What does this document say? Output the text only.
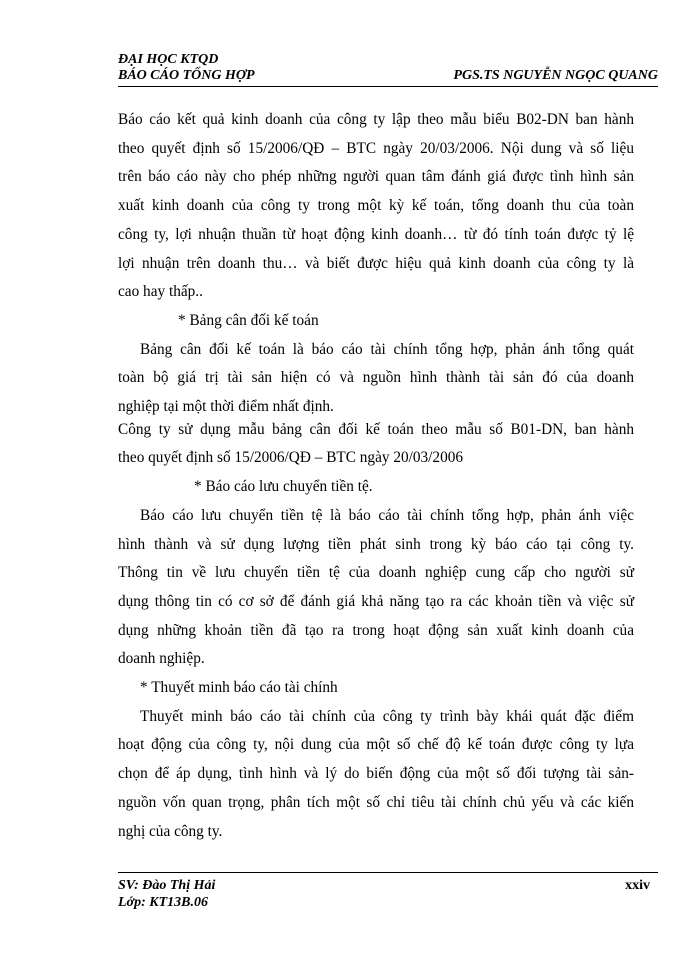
ĐẠI HỌC KTQD
BÁO CÁO TỔNG HỢP	PGS.TS NGUYỄN NGỌC QUANG

Báo cáo kết quả kinh doanh của công ty lập theo mẫu biểu B02-DN ban hành
theo quyết định số 15/2006/QĐ – BTC ngày 20/03/2006. Nội dung và số liệu
trên báo cáo này cho phép những người quan tâm đánh giá được tình hình sản
xuất kinh doanh của công ty trong một kỳ kế toán, tổng doanh thu của toàn
công ty, lợi nhuận thuần từ hoạt động kinh doanh… từ đó tính toán được tỷ lệ
lợi nhuận trên doanh thu… và biết được hiệu quả kinh doanh của công ty là
cao hay thấp..

* Bảng cân đối kế toán

Bảng cân đối kế toán là báo cáo tài chính tổng hợp, phản ánh tổng quát
toàn bộ giá trị tài sản hiện có và nguồn hình thành tài sản đó của doanh
nghiệp tại một thời điểm nhất định.

Công ty sử dụng mẫu bảng cân đối kế toán theo mẫu số B01-DN, ban hành
theo quyết định số 15/2006/QĐ – BTC ngày 20/03/2006

* Báo cáo lưu chuyển tiền tệ.

Báo cáo lưu chuyển tiền tệ là báo cáo tài chính tổng hợp, phản ánh việc
hình thành và sử dụng lượng tiền phát sinh trong kỳ báo cáo tại công ty.
Thông tin về lưu chuyển tiền tệ của doanh nghiệp cung cấp cho người sử
dụng thông tin có cơ sở để đánh giá khả năng tạo ra các khoản tiền và việc sử
dụng những khoản tiền đã tạo ra trong hoạt động sản xuất kinh doanh của
doanh nghiệp.

* Thuyết minh báo cáo tài chính

Thuyết minh báo cáo tài chính của công ty trình bày khái quát đặc điểm
hoạt động của công ty, nội dung của một số chế độ kế toán được công ty lựa
chọn để áp dụng, tình hình và lý do biến động của một số đối tượng tài sản-
nguồn vốn quan trọng, phân tích một số chỉ tiêu tài chính chủ yếu và các kiến
nghị của công ty.

SV: Đào Thị Hải
Lớp: KT13B.06
xxiv
